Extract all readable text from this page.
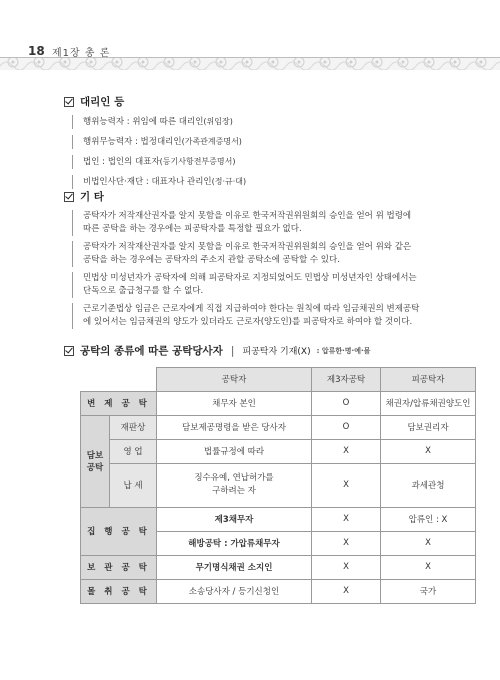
18 제1장 총 론
대리인 등
행위능력자 : 위임에 따른 대리인(위임장)
행위무능력자 : 법정대리인(가족관계증명서)
법인 : 법인의 대표자(등기사항전부증명서)
비법인사단·재단 : 대표자나 관리인(정·규·대)
기 타
공탁자가 저작재산권자를 알지 못함을 이유로 한국저작권위원회의 승인을 얻어 위 법령에 따른 공탁을 하는 경우에는 피공탁자를 특정할 필요가 없다.
공탁자가 저작재산권자를 알지 못함을 이유로 한국저작권위원회의 승인을 얻어 위와 같은 공탁을 하는 경우에는 공탁자의 주소지 관할 공탁소에 공탁할 수 있다.
민법상 미성년자가 공탁자에 의해 피공탁자로 지정되었어도 민법상 미성년자인 상태에서는 단독으로 출급청구를 할 수 없다.
근로기준법상 임금은 근로자에게 직접 지급하여야 한다는 원칙에 따라 임금채권의 변제공탁에 있어서는 임금채권의 양도가 있더라도 근로자(양도인)를 피공탁자로 하여야 할 것이다.
공탁의 종류에 따른 공탁당사자 | 피공탁자 기재(X) : 압류한·명·예·몰
		공탁자	제3자공탁	피공탁자
변 제 공 탁		채무자 본인	O	채권자/압류채권양도인
담보
공탁	재판상	담보제공명령을 받은 당사자	O	담보권리자
	영 업	법률규정에 따라	X	X
	납 세	징수유예, 연납허가를
구하려는 자	X	과세관청
집 행 공 탁		제3채무자	X	압류인 : X
		해방공탁 : 가압류채무자	X	X
보 관 공 탁		무기명식채권 소지인	X	X
몰 취 공 탁		소송당사자 / 등기신청인	X	국가
